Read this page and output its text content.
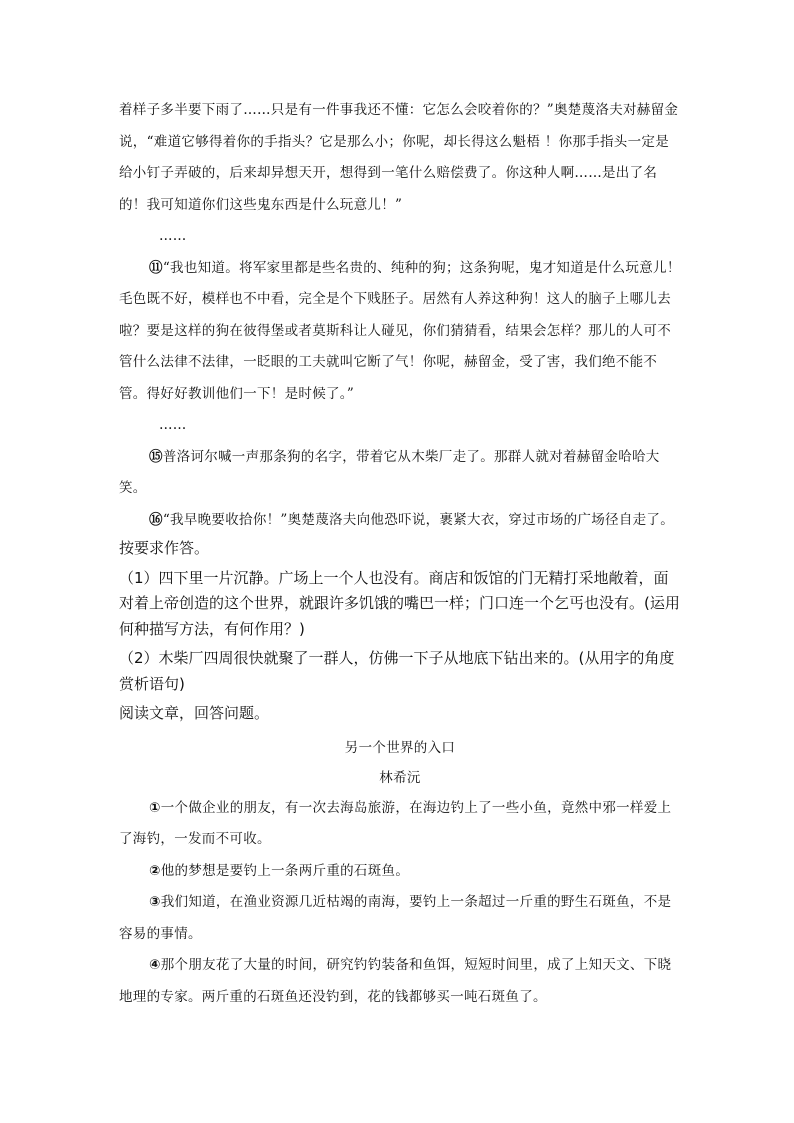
着样子多半要下雨了……只是有一件事我还不懂：它怎么会咬着你的？”奥楚蔑洛夫对赫留金说，“难道它够得着你的手指头？它是那么小；你呢，却长得这么魁梧 ！你那手指头一定是给小钉子弄破的，后来却异想天开，想得到一笔什么赔偿费了。你这种人啊……是出了名的！我可知道你们这些鬼东西是什么玩意儿！”

……

⑪“我也知道。将军家里都是些名贵的、纯种的狗；这条狗呢，鬼才知道是什么玩意儿！毛色既不好，模样也不中看，完全是个下贱胚子。居然有人养这种狗！这人的脑子上哪儿去啦？要是这样的狗在彼得堡或者莫斯科让人碰见，你们猜猜看，结果会怎样？那儿的人可不管什么法律不法律，一眨眼的工夫就叫它断了气！你呢，赫留金，受了害，我们绝不能不管。得好好教训他们一下！是时候了。”

……

⑮普洛诃尔喊一声那条狗的名字，带着它从木柴厂走了。那群人就对着赫留金哈哈大笑。

⑯“我早晚要收拾你！”奥楚蔑洛夫向他恐吓说，裹紧大衣，穿过市场的广场径自走了。

按要求作答。

（1）四下里一片沉静。广场上一个人也没有。商店和饭馆的门无精打采地敞着，面对着上帝创造的这个世界，就跟许多饥饿的嘴巴一样；门口连一个乞丐也没有。(运用何种描写方法，有何作用？)

（2）木柴厂四周很快就聚了一群人，仿佛一下子从地底下钻出来的。(从用字的角度赏析语句)

阅读文章，回答问题。

另一个世界的入口

林希沅

①一个做企业的朋友，有一次去海岛旅游，在海边钓上了一些小鱼，竟然中邪一样爱上了海钓，一发而不可收。

②他的梦想是要钓上一条两斤重的石斑鱼。

③我们知道，在渔业资源几近枯竭的南海，要钓上一条超过一斤重的野生石斑鱼，不是容易的事情。

④那个朋友花了大量的时间，研究钓钓装备和鱼饵，短短时间里，成了上知天文、下晓地理的专家。两斤重的石斑鱼还没钓到，花的钱都够买一吨石斑鱼了。
